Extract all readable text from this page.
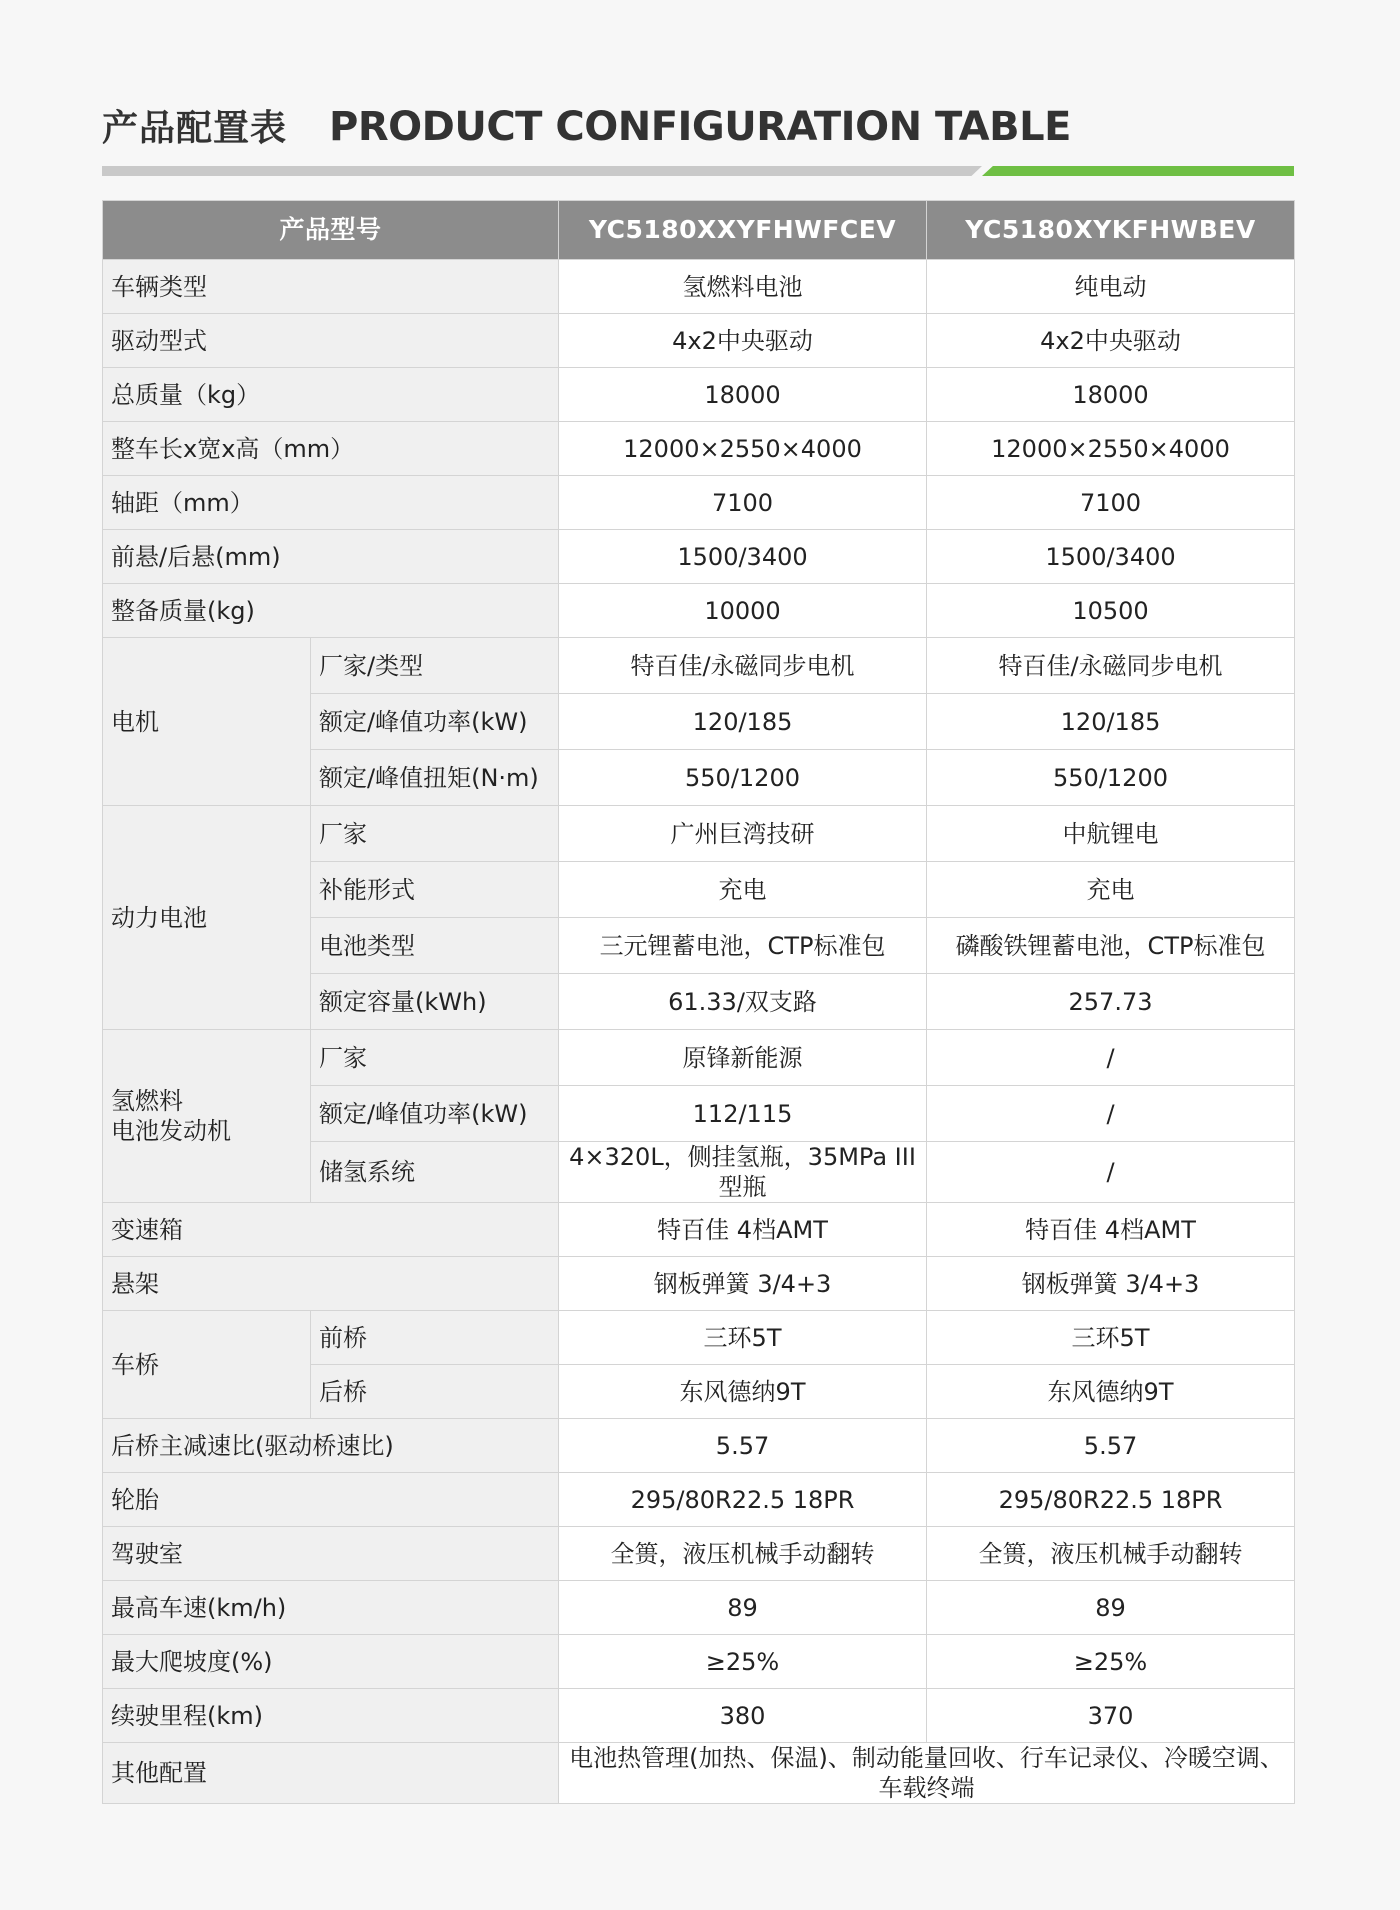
产品配置表 PRODUCT CONFIGURATION TABLE
产品型号		YC5180XXYFHWFCEV	YC5180XYKFHWBEV
车辆类型		氢燃料电池	纯电动
驱动型式		4x2中央驱动	4x2中央驱动
总质量（kg）		18000	18000
整车长x宽x高（mm）		12000×2550×4000	12000×2550×4000
轴距（mm）		7100	7100
前悬/后悬(mm)		1500/3400	1500/3400
整备质量(kg)		10000	10500
电机	厂家/类型	特百佳/永磁同步电机	特百佳/永磁同步电机
	额定/峰值功率(kW)	120/185	120/185
	额定/峰值扭矩(N·m)	550/1200	550/1200
动力电池	厂家	广州巨湾技研	中航锂电
	补能形式	充电	充电
	电池类型	三元锂蓄电池，CTP标准包	磷酸铁锂蓄电池，CTP标准包
	额定容量(kWh)	61.33/双支路	257.73
氢燃料
电池发动机	厂家	原锋新能源	/
	额定/峰值功率(kW)	112/115	/
	储氢系统	4×320L，侧挂氢瓶，35MPa III型瓶	/
变速箱		特百佳 4档AMT	特百佳 4档AMT
悬架		钢板弹簧 3/4+3	钢板弹簧 3/4+3
车桥	前桥	三环5T	三环5T
	后桥	东风德纳9T	东风德纳9T
后桥主减速比(驱动桥速比)		5.57	5.57
轮胎		295/80R22.5 18PR	295/80R22.5 18PR
驾驶室		全篑，液压机械手动翻转	全篑，液压机械手动翻转
最高车速(km/h)		89	89
最大爬坡度(%)		≥25%	≥25%
续驶里程(km)		380	370
其他配置		电池热管理(加热、保温)、制动能量回收、行车记录仪、冷暖空调、车载终端	
